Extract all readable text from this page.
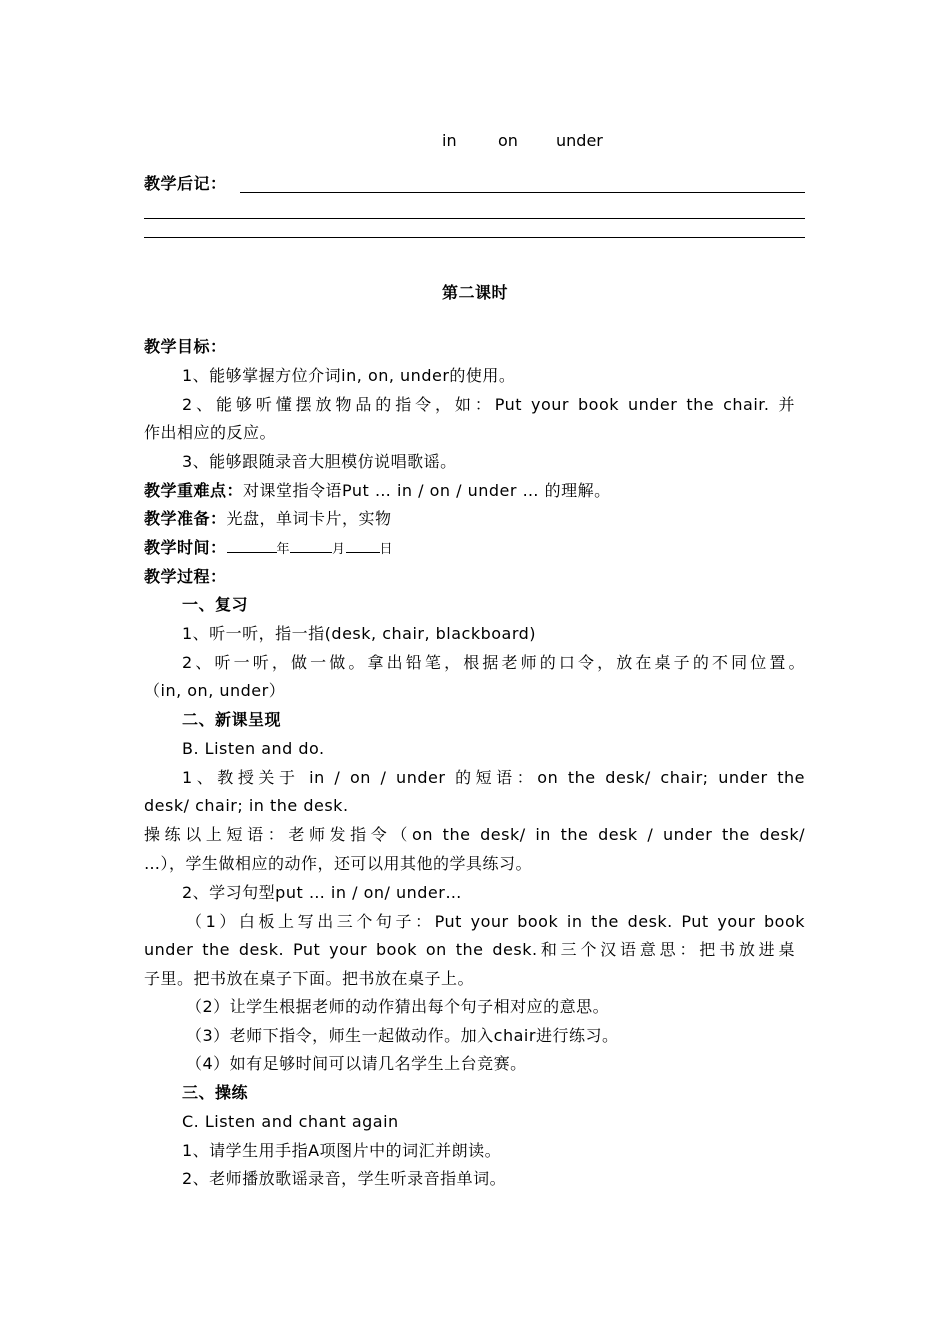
in	on under
教学后记：
第二课时
教学目标：
1、能够掌握方位介词in, on, under的使用。
2、能够听懂摆放物品的指令，如：Put your book under the chair. 并
作出相应的反应。
3、能够跟随录音大胆模仿说唱歌谣。
教学重难点：对课堂指令语Put … in / on / under … 的理解。
教学准备：光盘，单词卡片，实物
教学时间：	年	月	日
教学过程：
一、复习
1、听一听，指一指(desk, chair, blackboard)
2、听一听，做一做。拿出铅笔，根据老师的口令，放在桌子的不同位置。
（in, on, under）
二、新课呈现
B. Listen and do.
1、教授关于 in / on / under 的短语：on the desk/ chair; under the
desk/ chair; in the desk.
操练以上短语：老师发指令（on the desk/ in the desk / under the desk/
…），学生做相应的动作，还可以用其他的学具练习。
2、学习句型put … in / on/ under…
（1）白板上写出三个句子：Put your book in the desk. Put your book
under the desk. Put your book on the desk.和三个汉语意思：把书放进桌
子里。把书放在桌子下面。把书放在桌子上。
（2）让学生根据老师的动作猜出每个句子相对应的意思。
（3）老师下指令，师生一起做动作。加入chair进行练习。
（4）如有足够时间可以请几名学生上台竞赛。
三、操练
C. Listen and chant again
1、请学生用手指A项图片中的词汇并朗读。
2、老师播放歌谣录音，学生听录音指单词。
